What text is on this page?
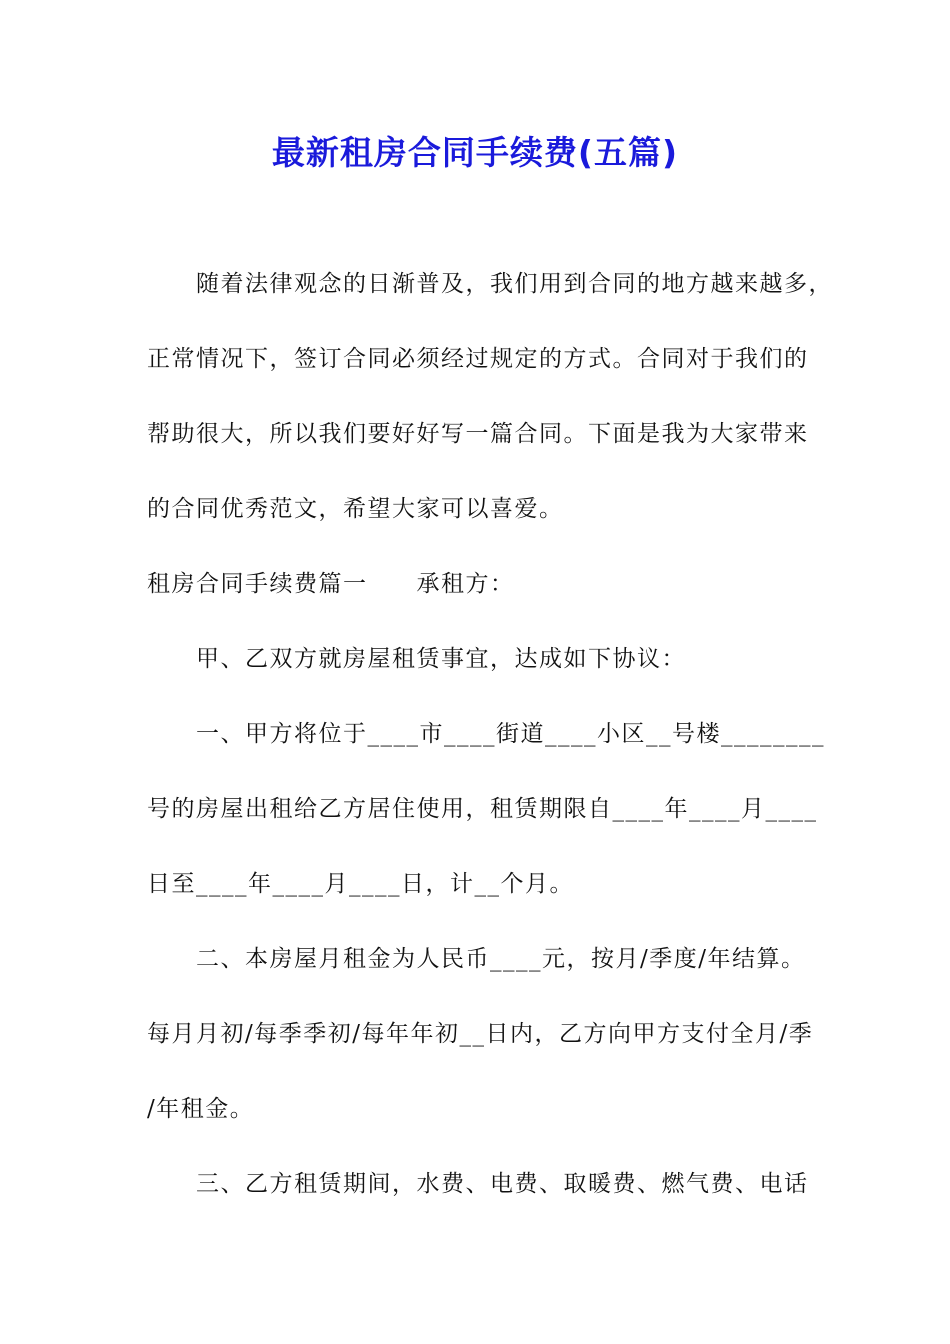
最新租房合同手续费(五篇)
　　随着法律观念的日渐普及，我们用到合同的地方越来越多，
正常情况下，签订合同必须经过规定的方式。合同对于我们的
帮助很大，所以我们要好好写一篇合同。下面是我为大家带来
的合同优秀范文，希望大家可以喜爱。
租房合同手续费篇一　　承租方：
　　甲、乙双方就房屋租赁事宜，达成如下协议：
　　一、甲方将位于____市____街道____小区__号楼________
号的房屋出租给乙方居住使用，租赁期限自____年____月____
日至____年____月____日，计__个月。
　　二、本房屋月租金为人民币____元，按月/季度/年结算。
每月月初/每季季初/每年年初__日内，乙方向甲方支付全月/季
/年租金。
　　三、乙方租赁期间，水费、电费、取暖费、燃气费、电话
